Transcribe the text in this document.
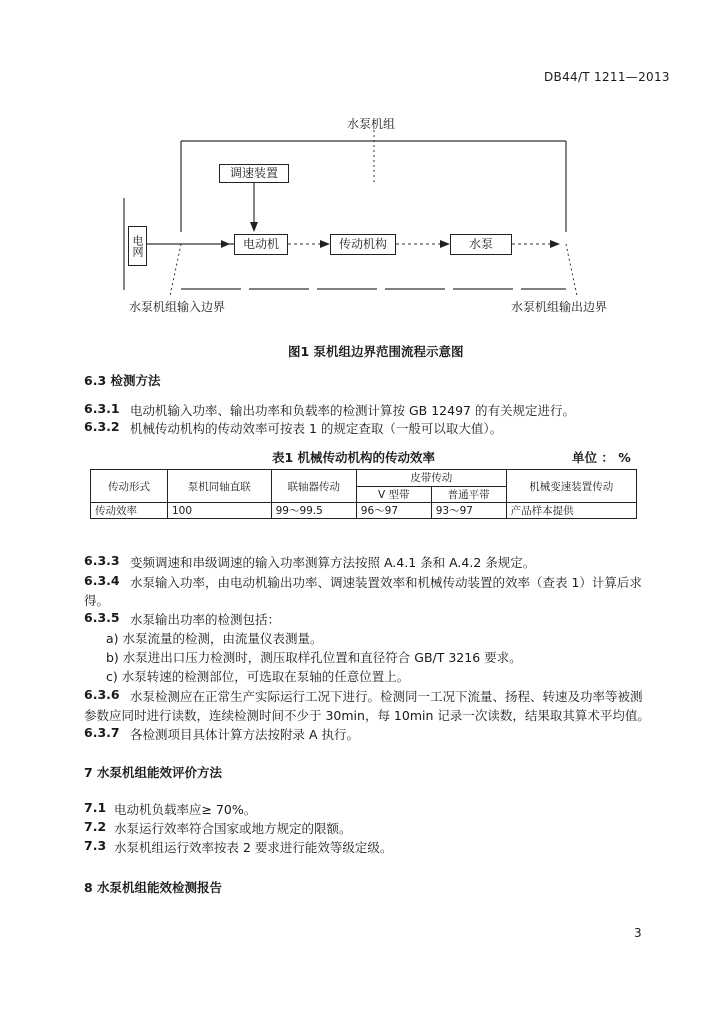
DB44/T 1211—2013
水泵机组
调速装置
电网	电动机	传动机构	水泵
水泵机组输入边界	水泵机组输出边界
图1 泵机组边界范围流程示意图
6.3 检测方法
6.3.1 电动机输入功率、输出功率和负载率的检测计算按 GB 12497 的有关规定进行。
6.3.2 机械传动机构的传动效率可按表 1 的规定查取（一般可以取大值）。
表1 机械传动机构的传动效率	单位 ： %
传动形式	泵机同轴直联	联轴器传动	皮带传动		机械变速装置传动
			V 型带	普通平带	
传动效率	100	99～99.5	96～97	93～97	产品样本提供
6.3.3 变频调速和串级调速的输入功率测算方法按照 A.4.1 条和 A.4.2 条规定。
6.3.4 水泵输入功率，由电动机输出功率、调速装置效率和机械传动装置的效率（查表 1）计算后求
得。
6.3.5 水泵输出功率的检测包括：
a) 水泵流量的检测，由流量仪表测量。
b) 水泵进出口压力检测时，测压取样孔位置和直径符合 GB/T 3216 要求。
c) 水泵转速的检测部位，可选取在泵轴的任意位置上。
6.3.6 水泵检测应在正常生产实际运行工况下进行。检测同一工况下流量、扬程、转速及功率等被测
参数应同时进行读数，连续检测时间不少于 30min，每 10min 记录一次读数，结果取其算术平均值。
6.3.7 各检测项目具体计算方法按附录 A 执行。
7 水泵机组能效评价方法
7.1 电动机负载率应≥ 70%。
7.2 水泵运行效率符合国家或地方规定的限额。
7.3 水泵机组运行效率按表 2 要求进行能效等级定级。
8 水泵机组能效检测报告
3
